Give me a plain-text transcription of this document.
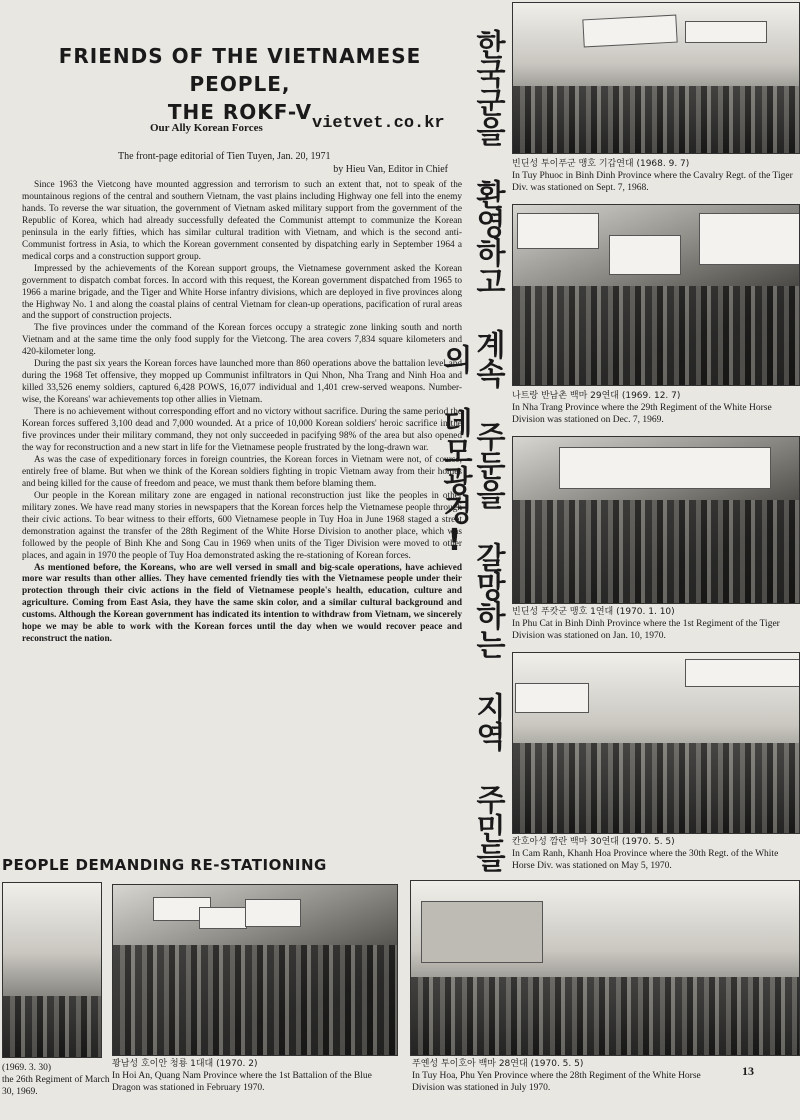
FRIENDS OF THE VIETNAMESE PEOPLE,
THE ROKF-V
Our Ally Korean Forces	vietvet.co.kr
The front-page editorial of Tien Tuyen, Jan. 20, 1971
by Hieu Van, Editor in Chief

Since 1963 the Vietcong have mounted aggression and terrorism to such an extent that, not to speak of the mountainous regions of the central and southern Vietnam, the vast plains including Highway one fell into the enemy hands. To reverse the war situation, the government of Vietnam asked military support from the government of the Republic of Korea, which had already successfully defeated the Communist attempt to communize the Korean peninsula in the early fifties, which has similar cultural tradition with Vietnam, and which is the second anti-Communist fortress in Asia, to which the Korean government consented by dispatching early in September 1964 a medical corps and a construction support group.

Impressed by the achievements of the Korean support groups, the Vietnamese government asked the Korean government to dispatch combat forces. In accord with this request, the Korean government dispatched from 1965 to 1966 a marine brigade, and the Tiger and White Horse infantry divisions, which are deployed in five provinces along the Highway No. 1 and along the coastal plains of central Vietnam for clean-up operations, pacification of rural areas and the support of construction projects.

The five provinces under the command of the Korean forces occupy a strategic zone linking south and north Vietnam and at the same time the only food supply for the Vietcong. The area covers 7,834 square kilometers and 420-kilometer long.

During the past six years the Korean forces have launched more than 860 operations above the battalion level and during the 1968 Tet offensive, they mopped up Communist infiltrators in Qui Nhon, Nha Trang and Ninh Hoa and killed 33,526 enemy soldiers, captured 6,428 POWS, 16,077 individual and 1,401 crew-served weapons. Number-wise, the Koreans' war achievements top other allies in Vietnam.

There is no achievement without corresponding effort and no victory without sacrifice. During the same period the Korean forces suffered 3,100 dead and 7,000 wounded. At a price of 10,000 Korean soldiers' heroic sacrifice in the five provinces under their military command, they not only succeeded in pacifying 98% of the area but also opened the way for reconstruction and a new start in life for the Vietnamese people frustrated by the long-drawn war.

As was the case of expeditionary forces in foreign countries, the Korean forces in Vietnam were not, of course, entirely free of blame. But when we think of the Korean soldiers fighting in tropic Vietnam away from their homes and being killed for the cause of freedom and peace, we must thank them before blaming them.

Our people in the Korean military zone are engaged in national reconstruction just like the peoples in other military zones. We have read many stories in newspapers that the Korean forces help the Vietnamese people through their civic actions. To bear witness to their efforts, 600 Vietnamese people in Tuy Hoa in June 1968 staged a street demonstration against the transfer of the 28th Regiment of the White Horse Division to another place, which was followed by the people of Binh Khe and Song Cau in 1969 when units of the Tiger Division were moved to other places, and again in 1970 the people of Tuy Hoa demonstrated asking the re-stationing of Korean forces.

As mentioned before, the Koreans, who are well versed in small and big-scale operations, have achieved more war results than other allies. They have cemented friendly ties with the Vietnamese people under their protection through their civic actions in the field of Vietnamese people's health, education, culture and agriculture. Coming from East Asia, they have the same skin color, and a similar cultural background and customs. Although the Korean government has indicated its intention to withdraw from Vietnam, we sincerely hope we may be able to work with the Korean forces until the day when we would recover peace and reconstruct the nation.	한국군을 환영하고 계속 주둔을 갈망하는 지역 주민들의 데모광경!
빈딘성 투이푸군 맹호 기갑연대 (1968. 9. 7)
In Tuy Phuoc in Binh Dinh Province where the Cavalry Regt. of the Tiger Div. was stationed on Sept. 7, 1968.
나트랑 반남촌 백마 29연대 (1969. 12. 7)
In Nha Trang Province where the 29th Regiment of the White Horse Division was stationed on Dec. 7, 1969.
빈딘성 푸캇군 맹호 1연대 (1970. 1. 10)
In Phu Cat in Binh Dinh Province where the 1st Regiment of the Tiger Division was stationed on Jan. 10, 1970.
칸호아성 깜란 백마 30연대 (1970. 5. 5)
In Cam Ranh, Khanh Hoa Province where the 30th Regt. of the White Horse Div. was stationed on May 5, 1970.
PEOPLE DEMANDING RE-STATIONING
(1969. 3. 30)
the 26th Regiment of March 30, 1969.
꽝남성 호이안 청룡 1대대 (1970. 2)
In Hoi An, Quang Nam Province where the 1st Battalion of the Blue Dragon was stationed in February 1970.
푸옌성 투이호아 백마 28연대 (1970. 5. 5)
In Tuy Hoa, Phu Yen Province where the 28th Regiment of the White Horse Division was stationed in July 1970.
13
